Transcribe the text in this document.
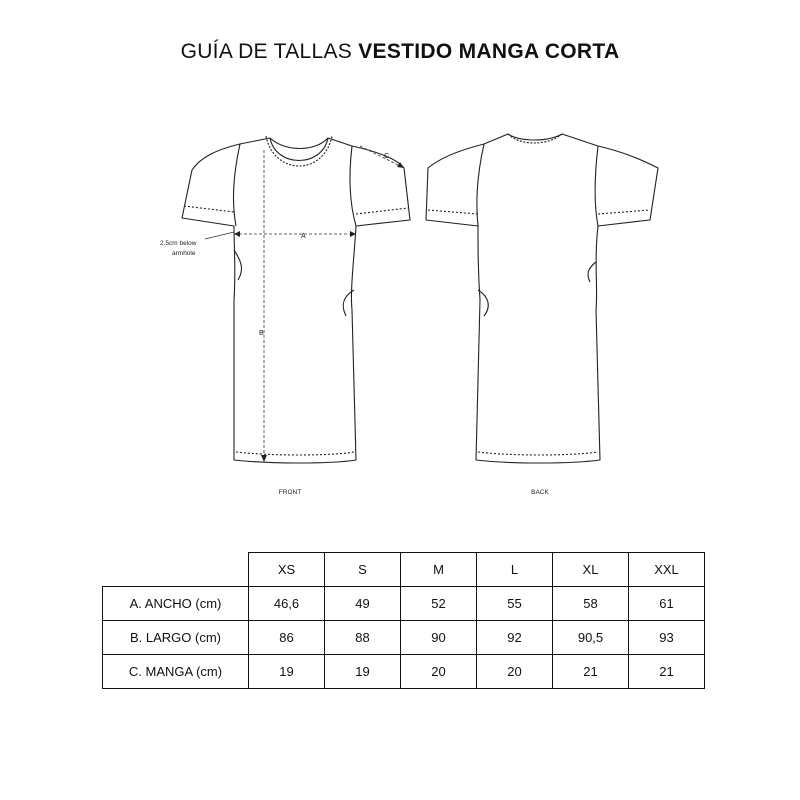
GUÍA DE TALLAS VESTIDO MANGA CORTA
A
B
C
2.5cm below
armhole
FRONT	BACK
	XS	S	M	L	XL	XXL
A. ANCHO (cm)	46,6	49	52	55	58	61
B. LARGO (cm)	86	88	90	92	90,5	93
C. MANGA (cm)	19	19	20	20	21	21
